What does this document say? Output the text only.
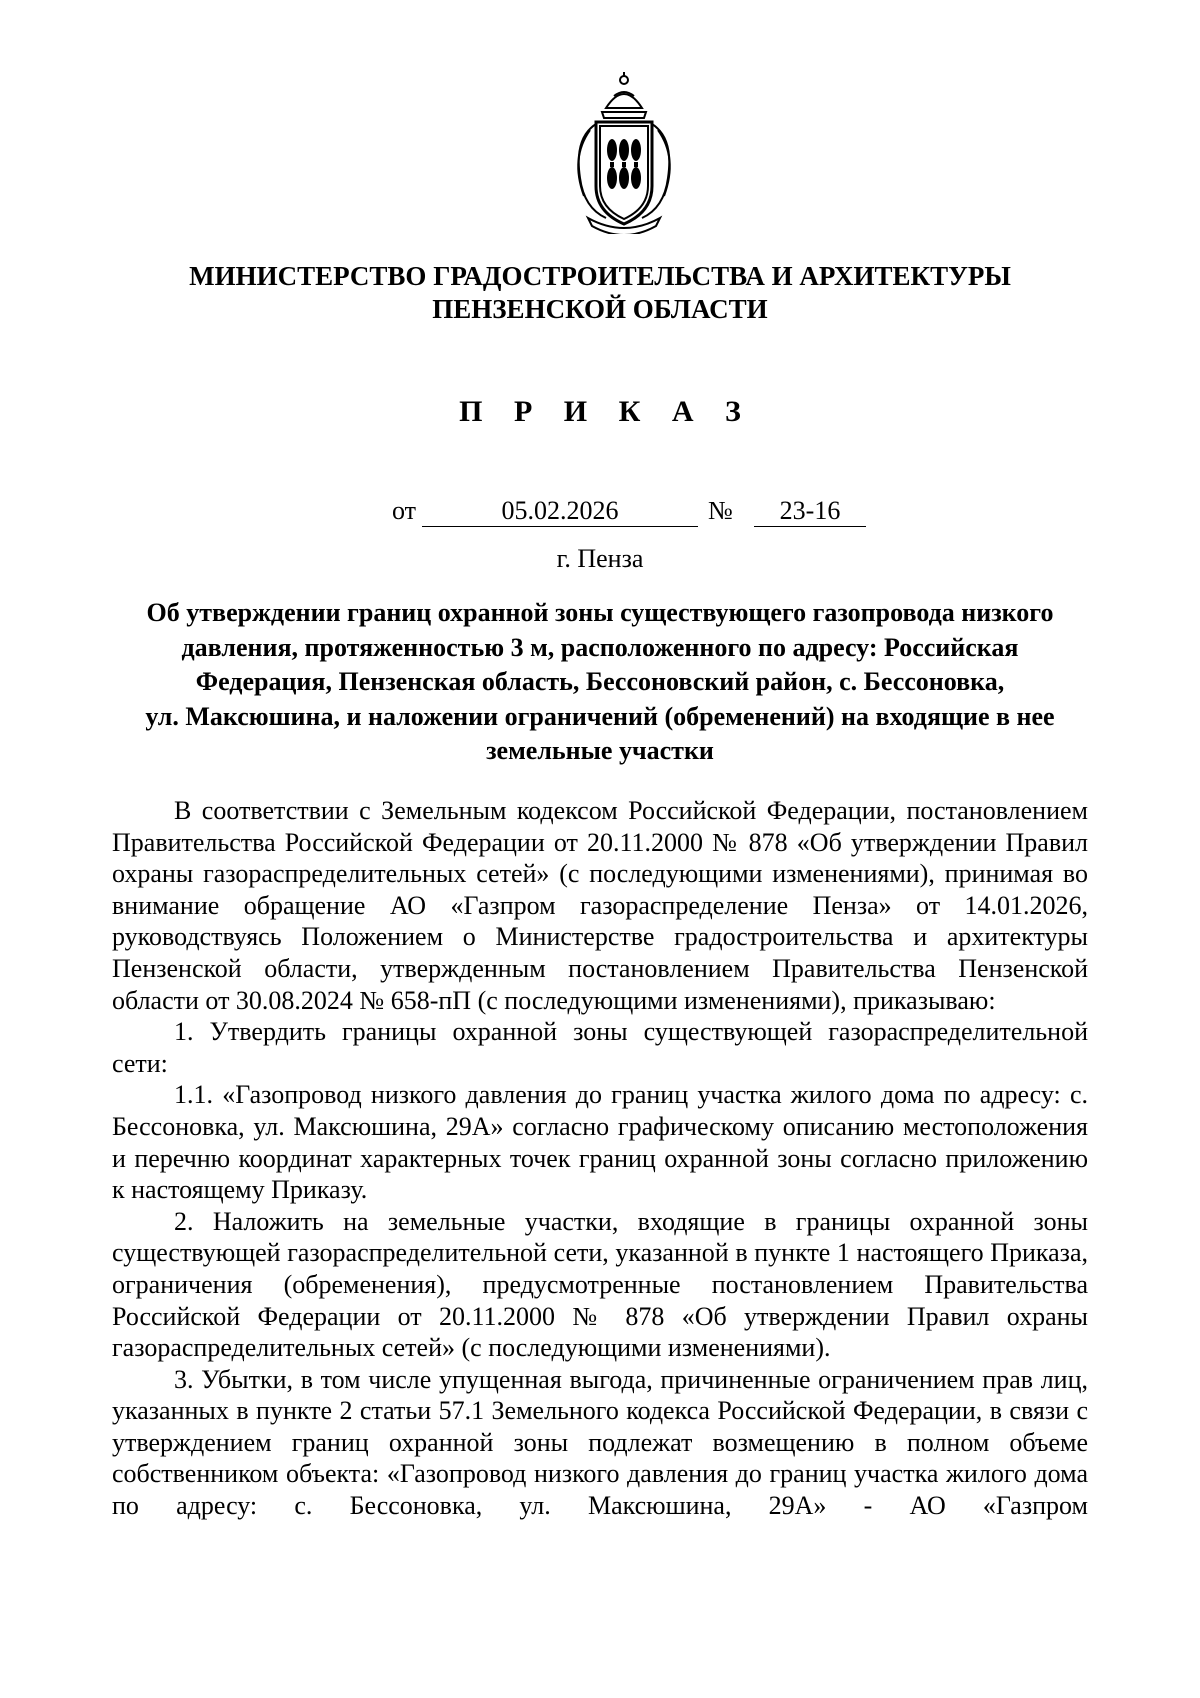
МИНИСТЕРСТВО ГРАДОСТРОИТЕЛЬСТВА И АРХИТЕКТУРЫ
ПЕНЗЕНСКОЙ ОБЛАСТИ
П Р И К А З
от	05.02.2026	№	23-16
г. Пенза
Об утверждении границ охранной зоны существующего газопровода низкого
давления, протяженностью 3 м, расположенного по адресу: Российская
Федерация, Пензенская область, Бессоновский район, с. Бессоновка,
ул. Максюшина, и наложении ограничений (обременений) на входящие в нее
земельные участки

В соответствии с Земельным кодексом Российской Федерации, постановлением Правительства Российской Федерации от 20.11.2000 № 878 «Об утверждении Правил охраны газораспределительных сетей» (с последующими изменениями), принимая во внимание обращение АО «Газпром газораспределение Пенза» от 14.01.2026, руководствуясь Положением о Министерстве градостроительства и архитектуры Пензенской области, утвержденным постановлением Правительства Пензенской области от 30.08.2024 № 658-пП (с последующими изменениями), приказываю:

1. Утвердить границы охранной зоны существующей газораспределительной сети:

1.1. «Газопровод низкого давления до границ участка жилого дома по адресу: с. Бессоновка, ул. Максюшина, 29А» согласно графическому описанию местоположения и перечню координат характерных точек границ охранной зоны согласно приложению к настоящему Приказу.

2. Наложить на земельные участки, входящие в границы охранной зоны существующей газораспределительной сети, указанной в пункте 1 настоящего Приказа, ограничения (обременения), предусмотренные постановлением Правительства Российской Федерации от 20.11.2000 № 878 «Об утверждении Правил охраны газораспределительных сетей» (с последующими изменениями).

3. Убытки, в том числе упущенная выгода, причиненные ограничением прав лиц, указанных в пункте 2 статьи 57.1 Земельного кодекса Российской Федерации, в связи с утверждением границ охранной зоны подлежат возмещению в полном объеме собственником объекта: «Газопровод низкого давления до границ участка жилого дома по адресу: с. Бессоновка, ул. Максюшина, 29А» - АО «Газпром
